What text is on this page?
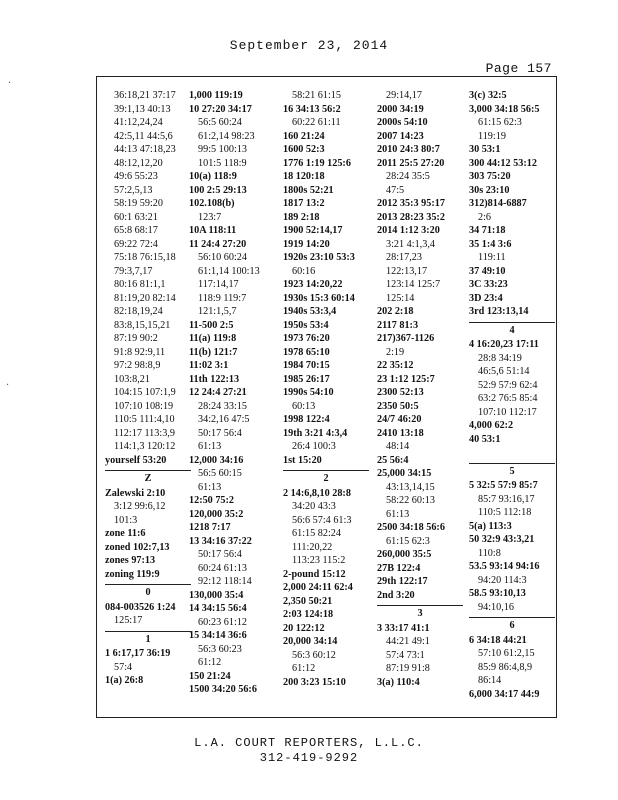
September 23, 2014
Page 157
·
·
36:18,21 37:17
39:1,13 40:13
41:12,24,24
42:5,11 44:5,6
44:13 47:18,23
48:12,12,20
49:6 55:23
57:2,5,13
58:19 59:20
60:1 63:21
65:8 68:17
69:22 72:4
75:18 76:15,18
79:3,7,17
80:16 81:1,1
81:19,20 82:14
82:18,19,24
83:8,15,15,21
87:19 90:2
91:8 92:9,11
97:2 98:8,9
103:8,21
104:15 107:1,9
107:10 108:19
110:5 111:4,10
112:17 113:3,9
114:1,3 120:12
yourself 53:20
Z
Zalewski 2:10
3:12 99:6,12
101:3
zone 11:6
zoned 102:7,13
zones 97:13
zoning 119:9
0
084-003526 1:24
125:17
1
1 6:17,17 36:19
57:4
1(a) 26:8
1,000 119:19
10 27:20 34:17
56:5 60:24
61:2,14 98:23
99:5 100:13
101:5 118:9
10(a) 118:9
100 2:5 29:13
102.108(b)
123:7
10A 118:11
11 24:4 27:20
56:10 60:24
61:1,14 100:13
117:14,17
118:9 119:7
121:1,5,7
11-500 2:5
11(a) 119:8
11(b) 121:7
11:02 3:1
11th 122:13
12 24:4 27:21
28:24 33:15
34:2,16 47:5
50:17 56:4
61:13
12,000 34:16
56:5 60:15
61:13
12:50 75:2
120,000 35:2
1218 7:17
13 34:16 37:22
50:17 56:4
60:24 61:13
92:12 118:14
130,000 35:4
14 34:15 56:4
60:23 61:12
15 34:14 36:6
56:3 60:23
61:12
150 21:24
1500 34:20 56:6
58:21 61:15
16 34:13 56:2
60:22 61:11
160 21:24
1600 52:3
1776 1:19 125:6
18 120:18
1800s 52:21
1817 13:2
189 2:18
1900 52:14,17
1919 14:20
1920s 23:10 53:3
60:16
1923 14:20,22
1930s 15:3 60:14
1940s 53:3,4
1950s 53:4
1973 76:20
1978 65:10
1984 70:15
1985 26:17
1990s 54:10
60:13
1998 122:4
19th 3:21 4:3,4
26:4 100:3
1st 15:20
2
2 14:6,8,10 28:8
34:20 43:3
56:6 57:4 61:3
61:15 82:24
111:20,22
113:23 115:2
2-pound 15:12
2,000 24:11 62:4
2,350 50:21
2:03 124:18
20 122:12
20,000 34:14
56:3 60:12
61:12
200 3:23 15:10
29:14,17
2000 34:19
2000s 54:10
2007 14:23
2010 24:3 80:7
2011 25:5 27:20
28:24 35:5
47:5
2012 35:3 95:17
2013 28:23 35:2
2014 1:12 3:20
3:21 4:1,3,4
28:17,23
122:13,17
123:14 125:7
125:14
202 2:18
2117 81:3
217)367-1126
2:19
22 35:12
23 1:12 125:7
2300 52:13
2350 50:5
24/7 46:20
2410 13:18
48:14
25 56:4
25,000 34:15
43:13,14,15
58:22 60:13
61:13
2500 34:18 56:6
61:15 62:3
260,000 35:5
27B 122:4
29th 122:17
2nd 3:20
3
3 33:17 41:1
44:21 49:1
57:4 73:1
87:19 91:8
3(a) 110:4
3(c) 32:5
3,000 34:18 56:5
61:15 62:3
119:19
30 53:1
300 44:12 53:12
303 75:20
30s 23:10
312)814-6887
2:6
34 71:18
35 1:4 3:6
119:11
37 49:10
3C 33:23
3D 23:4
3rd 123:13,14
4
4 16:20,23 17:11
28:8 34:19
46:5,6 51:14
52:9 57:9 62:4
63:2 76:5 85:4
107:10 112:17
4,000 62:2
40 53:1

5
5 32:5 57:9 85:7
85:7 93:16,17
110:5 112:18
5(a) 113:3
50 32:9 43:3,21
110:8
53.5 93:14 94:16
94:20 114:3
58.5 93:10,13
94:10,16
6
6 34:18 44:21
57:10 61:2,15
85:9 86:4,8,9
86:14
6,000 34:17 44:9
L.A. COURT REPORTERS, L.L.C.
312-419-9292
